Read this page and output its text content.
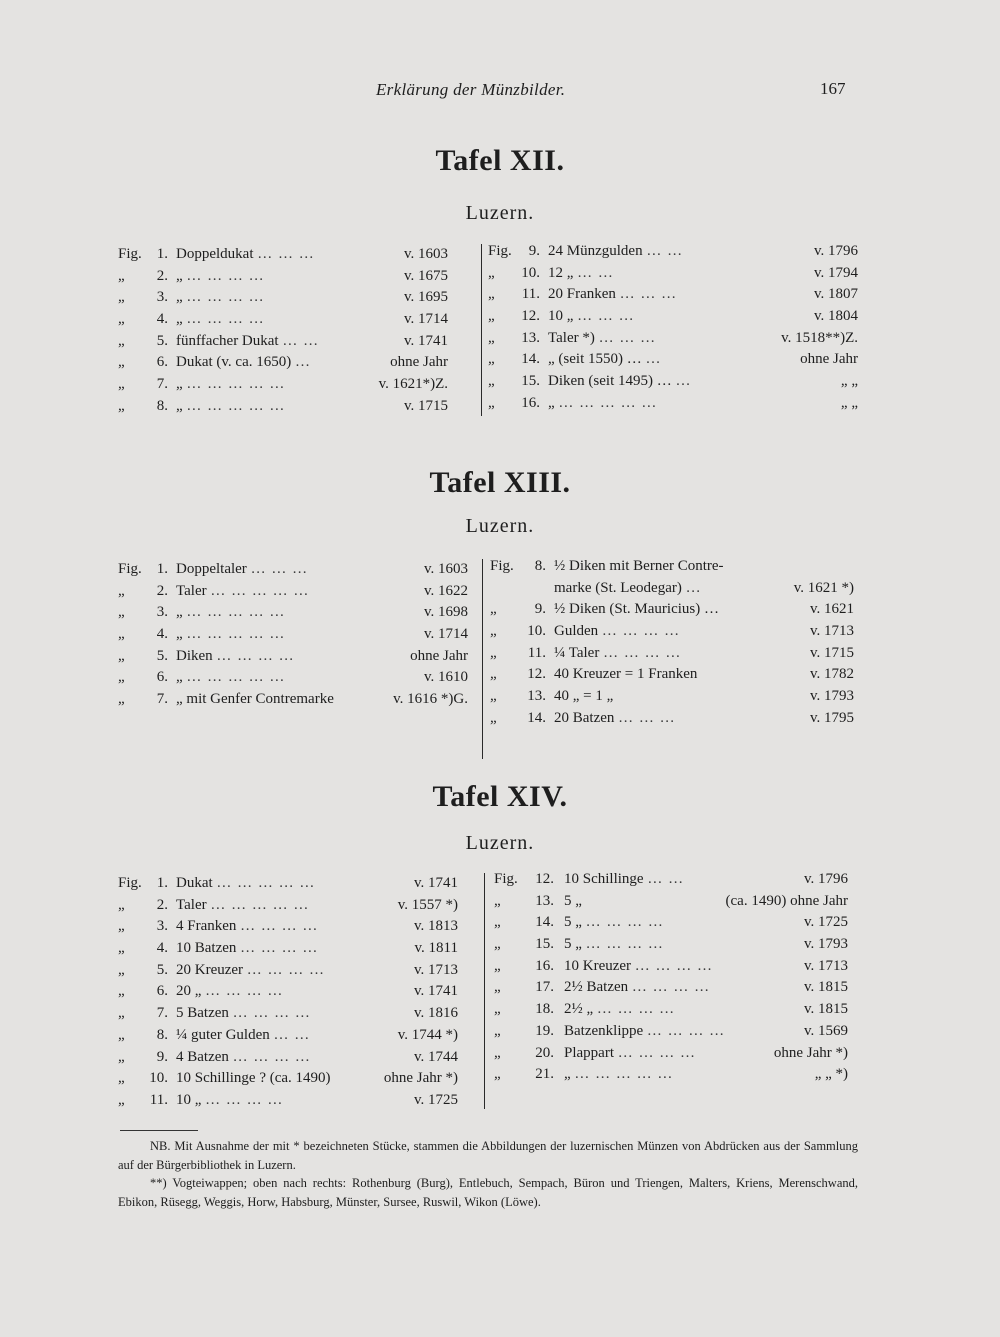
Erklärung der Münzbilder.	167
Tafel XII.
Luzern.
Fig. 1. Doppeldukat … … …	v. 1603
„	2. „ … … … …	v. 1675
„	3. „ … … … …	v. 1695
„	4. „ … … … …	v. 1714
„	5. fünffacher Dukat … …	v. 1741
„	6. Dukat (v. ca. 1650) …	ohne Jahr
„	7. „ … … … … …	v. 1621*)Z.
„	8. „ … … … … …	v. 1715
Fig.	9. 24 Münzgulden … …	v. 1796
„	10. 12 „ … …	v. 1794
„	11. 20 Franken … … …	v. 1807
„	12. 10 „ … … …	v. 1804
„	13. Taler *) … … …	v. 1518**)Z.
„	14. „ (seit 1550) … …	ohne Jahr
„	15. Diken (seit 1495) … …	„ „
„	16. „ … … … … …	„ „
Tafel XIII.
Luzern.
Fig. 1. Doppeltaler … … …	v. 1603
„	2. Taler … … … … …	v. 1622
„	3. „ … … … … …	v. 1698
„	4. „ … … … … …	v. 1714
„	5. Diken … … … …	ohne Jahr
„	6. „ … … … … …	v. 1610
„	7. „ mit Genfer Contremarke	v. 1616 *)G.
Fig.	8. ½ Diken mit Berner Contre-
marke (St. Leodegar) …	v. 1621 *)
„	9. ½ Diken (St. Mauricius) …	v. 1621
„	10. Gulden … … … …	v. 1713
„	11. ¼ Taler … … … …	v. 1715
„	12. 40 Kreuzer = 1 Franken	v. 1782
„	13. 40 „ = 1 „	v. 1793
„	14. 20 Batzen … … …	v. 1795
Tafel XIV.
Luzern.
Fig. 1. Dukat … … … … …	v. 1741
„	2. Taler … … … … …	v. 1557 *)
„	3. 4 Franken … … … …	v. 1813
„	4. 10 Batzen … … … …	v. 1811
„	5. 20 Kreuzer … … … …	v. 1713
„	6. 20 „ … … … …	v. 1741
„	7. 5 Batzen … … … …	v. 1816
„	8. ¼ guter Gulden … …	v. 1744 *)
„	9. 4 Batzen … … … …	v. 1744
„ 10. 10 Schillinge ? (ca. 1490)	ohne Jahr *)
„ 11. 10 „ … … … …	v. 1725
Fig.	12. 10 Schillinge … …	v. 1796
„	13. 5 „	(ca. 1490) ohne Jahr
„	14. 5 „ … … … …	v. 1725
„	15. 5 „ … … … …	v. 1793
„	16. 10 Kreuzer … … … …	v. 1713
„	17. 2½ Batzen … … … …	v. 1815
„	18. 2½ „ … … … …	v. 1815
„	19. Batzenklippe … … … …	v. 1569
„	20. Plappart … … … …	ohne Jahr *)
„	21. „ … … … … …	„ „ *)

NB. Mit Ausnahme der mit * bezeichneten Stücke, stammen die Abbildungen der luzernischen Münzen von Abdrücken aus der Sammlung auf der Bürgerbibliothek in Luzern.

**) Vogteiwappen; oben nach rechts: Rothenburg (Burg), Entlebuch, Sempach, Büron und Triengen, Malters, Kriens, Merenschwand, Ebikon, Rüsegg, Weggis, Horw, Habsburg, Münster, Sursee, Ruswil, Wikon (Löwe).
